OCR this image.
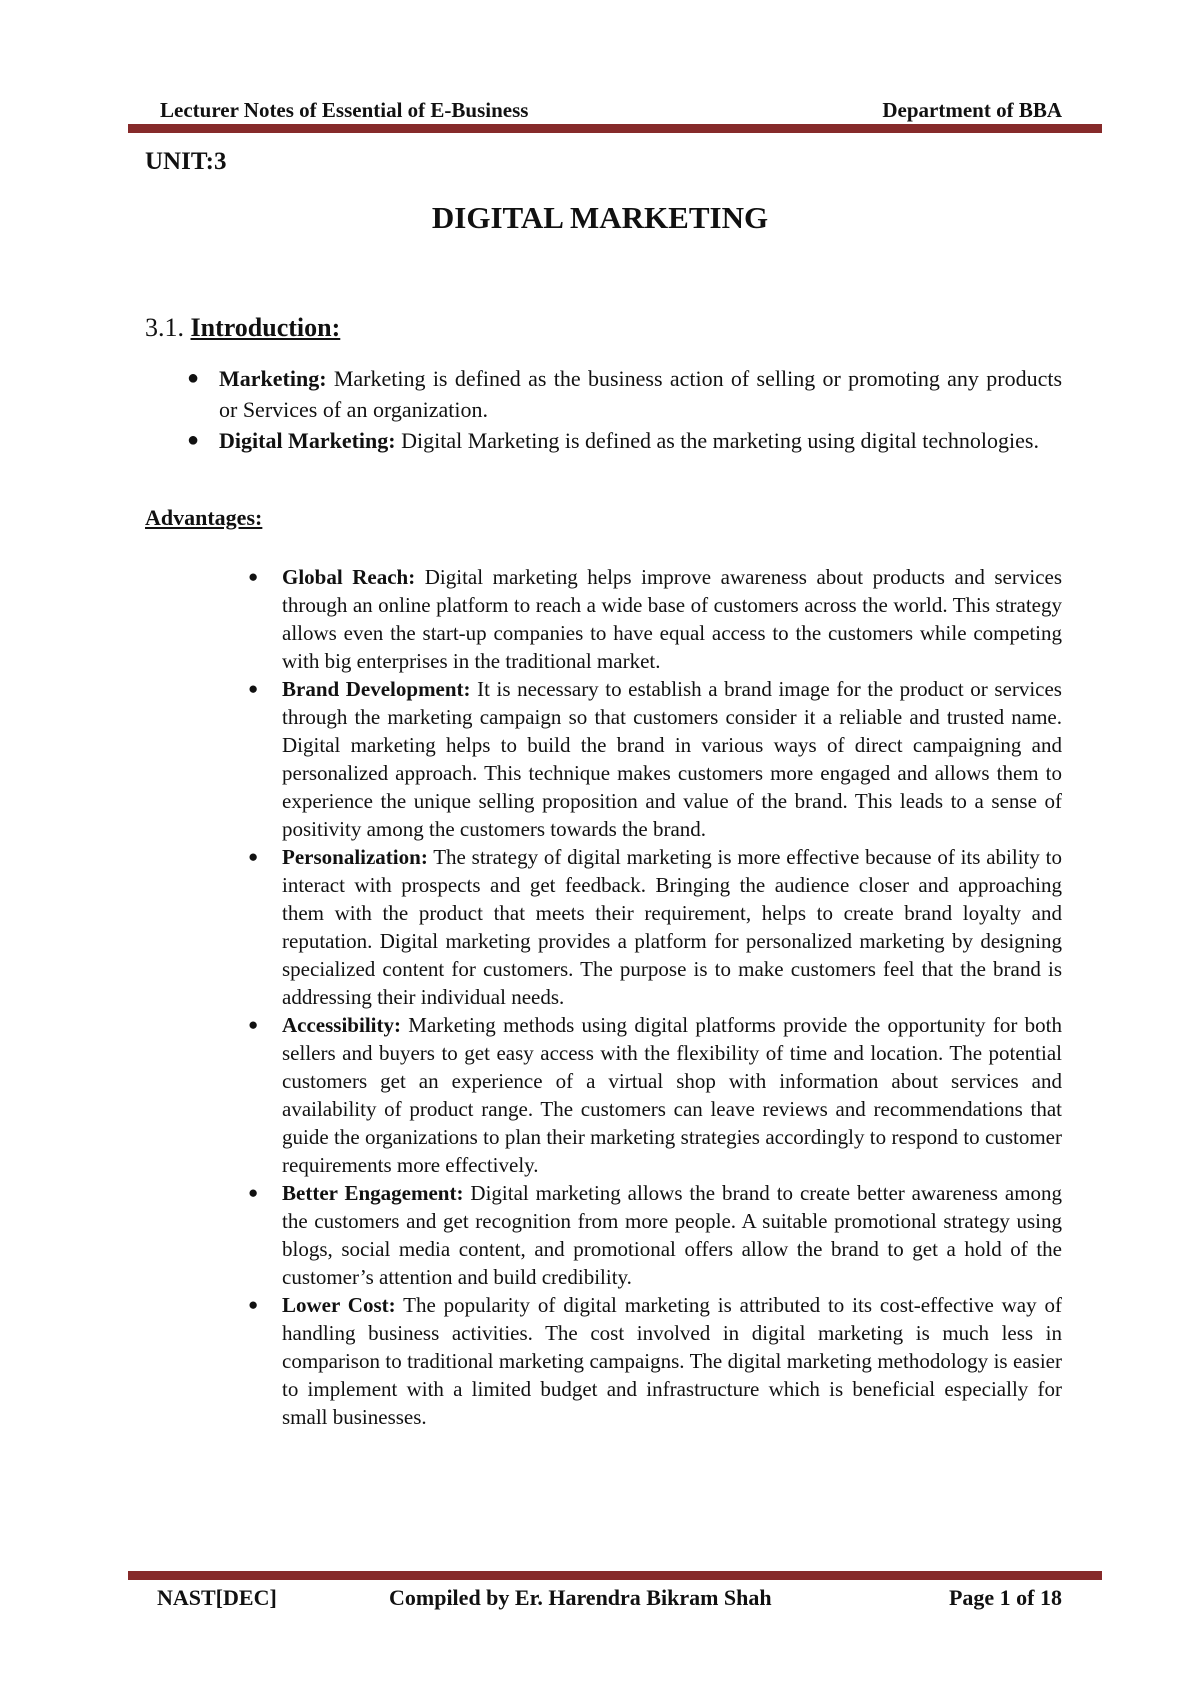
Lecturer Notes of Essential of E-Business	Department of BBA
UNIT:3
DIGITAL MARKETING
3.1. Introduction:
● Marketing: Marketing is defined as the business action of selling or promoting any products or Services of an organization.
● Digital Marketing: Digital Marketing is defined as the marketing using digital technologies.
Advantages:
● Global Reach: Digital marketing helps improve awareness about products and services through an online platform to reach a wide base of customers across the world. This strategy allows even the start-up companies to have equal access to the customers while competing with big enterprises in the traditional market.
● Brand Development: It is necessary to establish a brand image for the product or services through the marketing campaign so that customers consider it a reliable and trusted name. Digital marketing helps to build the brand in various ways of direct campaigning and personalized approach. This technique makes customers more engaged and allows them to experience the unique selling proposition and value of the brand. This leads to a sense of positivity among the customers towards the brand.
● Personalization: The strategy of digital marketing is more effective because of its ability to interact with prospects and get feedback. Bringing the audience closer and approaching them with the product that meets their requirement, helps to create brand loyalty and reputation. Digital marketing provides a platform for personalized marketing by designing specialized content for customers. The purpose is to make customers feel that the brand is addressing their individual needs.
● Accessibility: Marketing methods using digital platforms provide the opportunity for both sellers and buyers to get easy access with the flexibility of time and location. The potential customers get an experience of a virtual shop with information about services and availability of product range. The customers can leave reviews and recommendations that guide the organizations to plan their marketing strategies accordingly to respond to customer requirements more effectively.
● Better Engagement: Digital marketing allows the brand to create better awareness among the customers and get recognition from more people. A suitable promotional strategy using blogs, social media content, and promotional offers allow the brand to get a hold of the customer’s attention and build credibility.
● Lower Cost: The popularity of digital marketing is attributed to its cost-effective way of handling business activities. The cost involved in digital marketing is much less in comparison to traditional marketing campaigns. The digital marketing methodology is easier to implement with a limited budget and infrastructure which is beneficial especially for small businesses.
NAST[DEC]	Compiled by Er. Harendra Bikram Shah	Page 1 of 18
